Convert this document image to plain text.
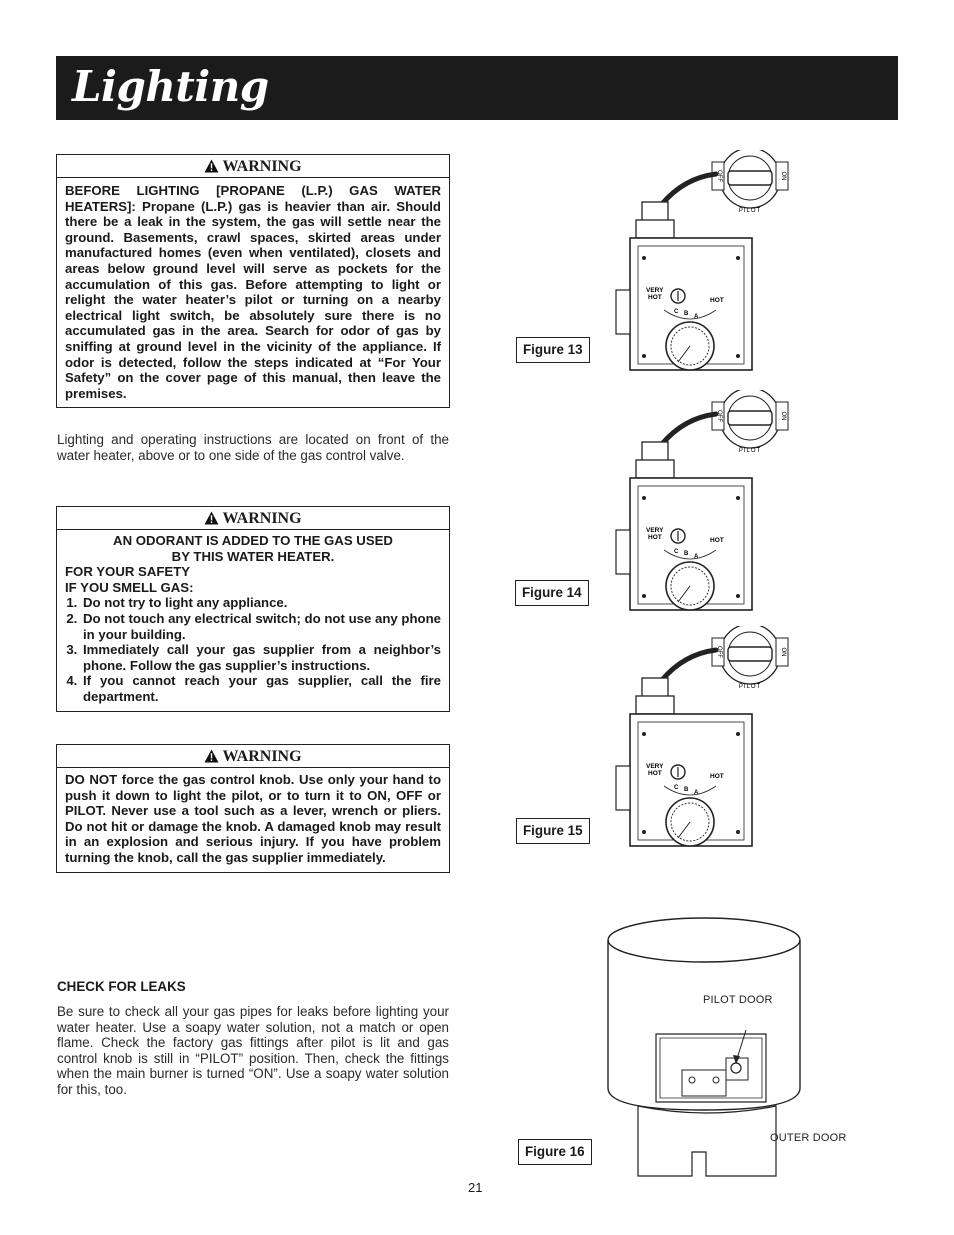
Lighting
WARNING
BEFORE LIGHTING [PROPANE (L.P.) GAS WATER HEATERS]: Propane (L.P.) gas is heavier than air. Should there be a leak in the system, the gas will settle near the ground. Basements, crawl spaces, skirted areas under manufactured homes (even when ventilated), closets and areas below ground level will serve as pockets for the accumulation of this gas. Before attempting to light or relight the water heater’s pilot or turning on a nearby electrical light switch, be absolutely sure there is no accumulated gas in the area. Search for odor of gas by sniffing at ground level in the vicinity of the appliance. If odor is detected, follow the steps indicated at “For Your Safety” on the cover page of this manual, then leave the premises.
Lighting and operating instructions are located on front of the water heater, above or to one side of the gas control valve.
WARNING
AN ODORANT IS ADDED TO THE GAS USED
BY THIS WATER HEATER.
FOR YOUR SAFETY
IF YOU SMELL GAS:
1. Do not try to light any appliance.
2. Do not touch any electrical switch; do not use any phone in your building.
3. Immediately call your gas supplier from a neighbor’s phone. Follow the gas supplier’s instructions.
4. If you cannot reach your gas supplier, call the fire department.
WARNING
DO NOT force the gas control knob. Use only your hand to push it down to light the pilot, or to turn it to ON, OFF or PILOT. Never use a tool such as a lever, wrench or pliers. Do not hit or damage the knob. A damaged knob may result in an explosion and serious injury. If you have problem turning the knob, call the gas supplier immediately.
CHECK FOR LEAKS
Be sure to check all your gas pipes for leaks before lighting your water heater. Use a soapy water solution, not a match or open flame. Check the factory gas fittings after pilot is lit and gas control knob is still in “PILOT” position. Then, check the fittings when the main burner is turned “ON”. Use a soapy water solution for this, too.
OFF	ON
PILOT
VERY
HOT	HOT
C B A
OFF	ON
PILOT
VERY
HOT	HOT
C B A
OFF	ON
PILOT
VERY
HOT	HOT
C B A
Figure 13
Figure 14
Figure 15
PILOT DOOR
OUTER DOOR
Figure 16
21
